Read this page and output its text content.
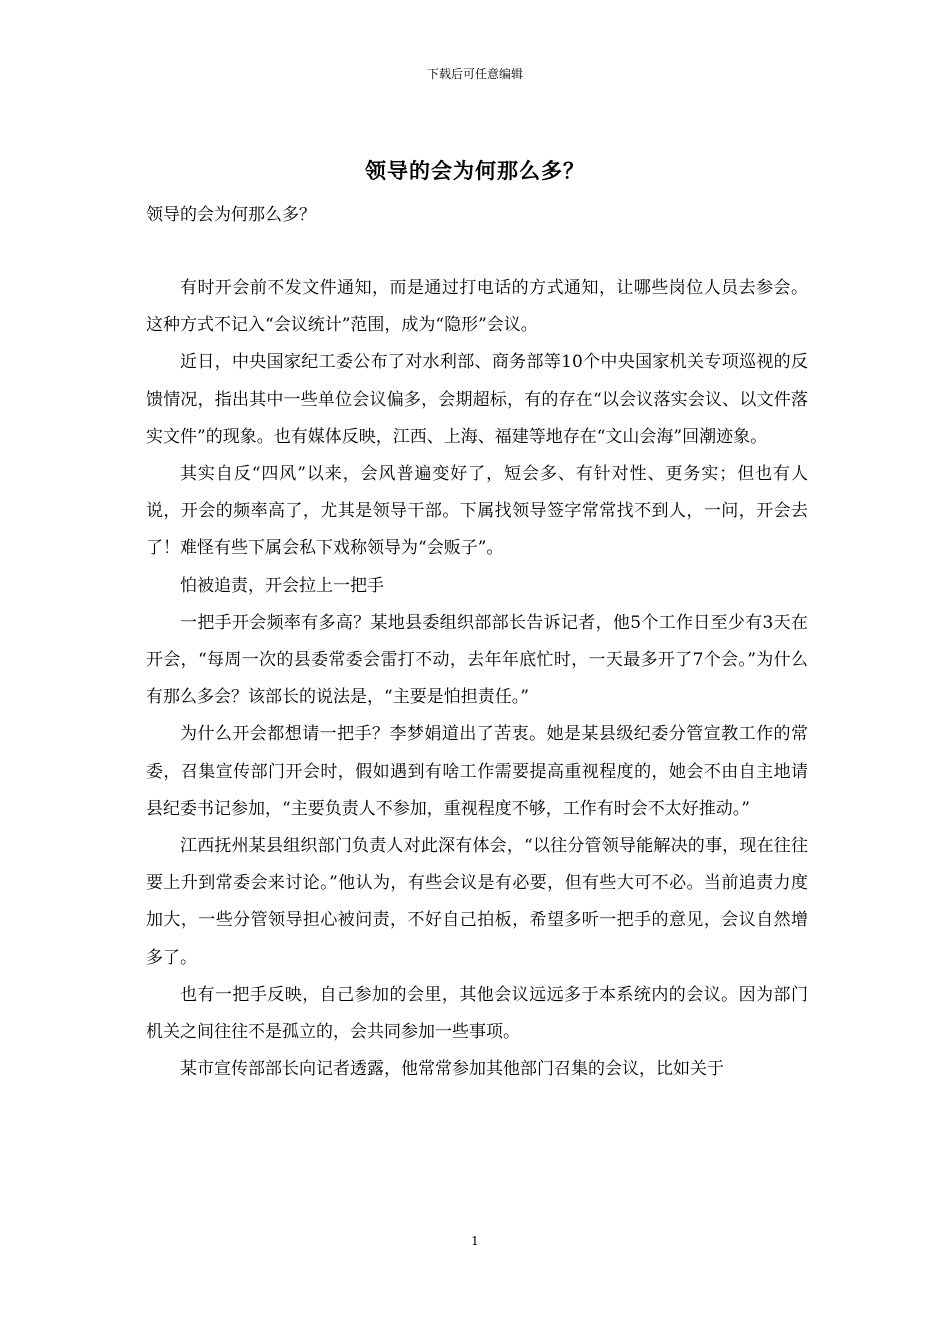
下载后可任意编辑
领导的会为何那么多？
领导的会为何那么多？

有时开会前不发文件通知，而是通过打电话的方式通知，让哪些岗位人员去参会。这种方式不记入“会议统计”范围，成为“隐形”会议。

近日，中央国家纪工委公布了对水利部、商务部等10个中央国家机关专项巡视的反馈情况，指出其中一些单位会议偏多，会期超标，有的存在“以会议落实会议、以文件落实文件”的现象。也有媒体反映，江西、上海、福建等地存在“文山会海”回潮迹象。

其实自反“四风”以来，会风普遍变好了，短会多、有针对性、更务实；但也有人说，开会的频率高了，尤其是领导干部。下属找领导签字常常找不到人，一问，开会去了！难怪有些下属会私下戏称领导为“会贩子”。

怕被追责，开会拉上一把手

一把手开会频率有多高？某地县委组织部部长告诉记者，他5个工作日至少有3天在开会，“每周一次的县委常委会雷打不动，去年年底忙时，一天最多开了7个会。”为什么有那么多会？该部长的说法是，“主要是怕担责任。”

为什么开会都想请一把手？李梦娟道出了苦衷。她是某县级纪委分管宣教工作的常委，召集宣传部门开会时，假如遇到有啥工作需要提高重视程度的，她会不由自主地请县纪委书记参加，“主要负责人不参加，重视程度不够，工作有时会不太好推动。”

江西抚州某县组织部门负责人对此深有体会，“以往分管领导能解决的事，现在往往要上升到常委会来讨论。”他认为，有些会议是有必要，但有些大可不必。当前追责力度加大，一些分管领导担心被问责，不好自己拍板，希望多听一把手的意见，会议自然增多了。

也有一把手反映，自己参加的会里，其他会议远远多于本系统内的会议。因为部门机关之间往往不是孤立的，会共同参加一些事项。

某市宣传部部长向记者透露，他常常参加其他部门召集的会议，比如关于

1
